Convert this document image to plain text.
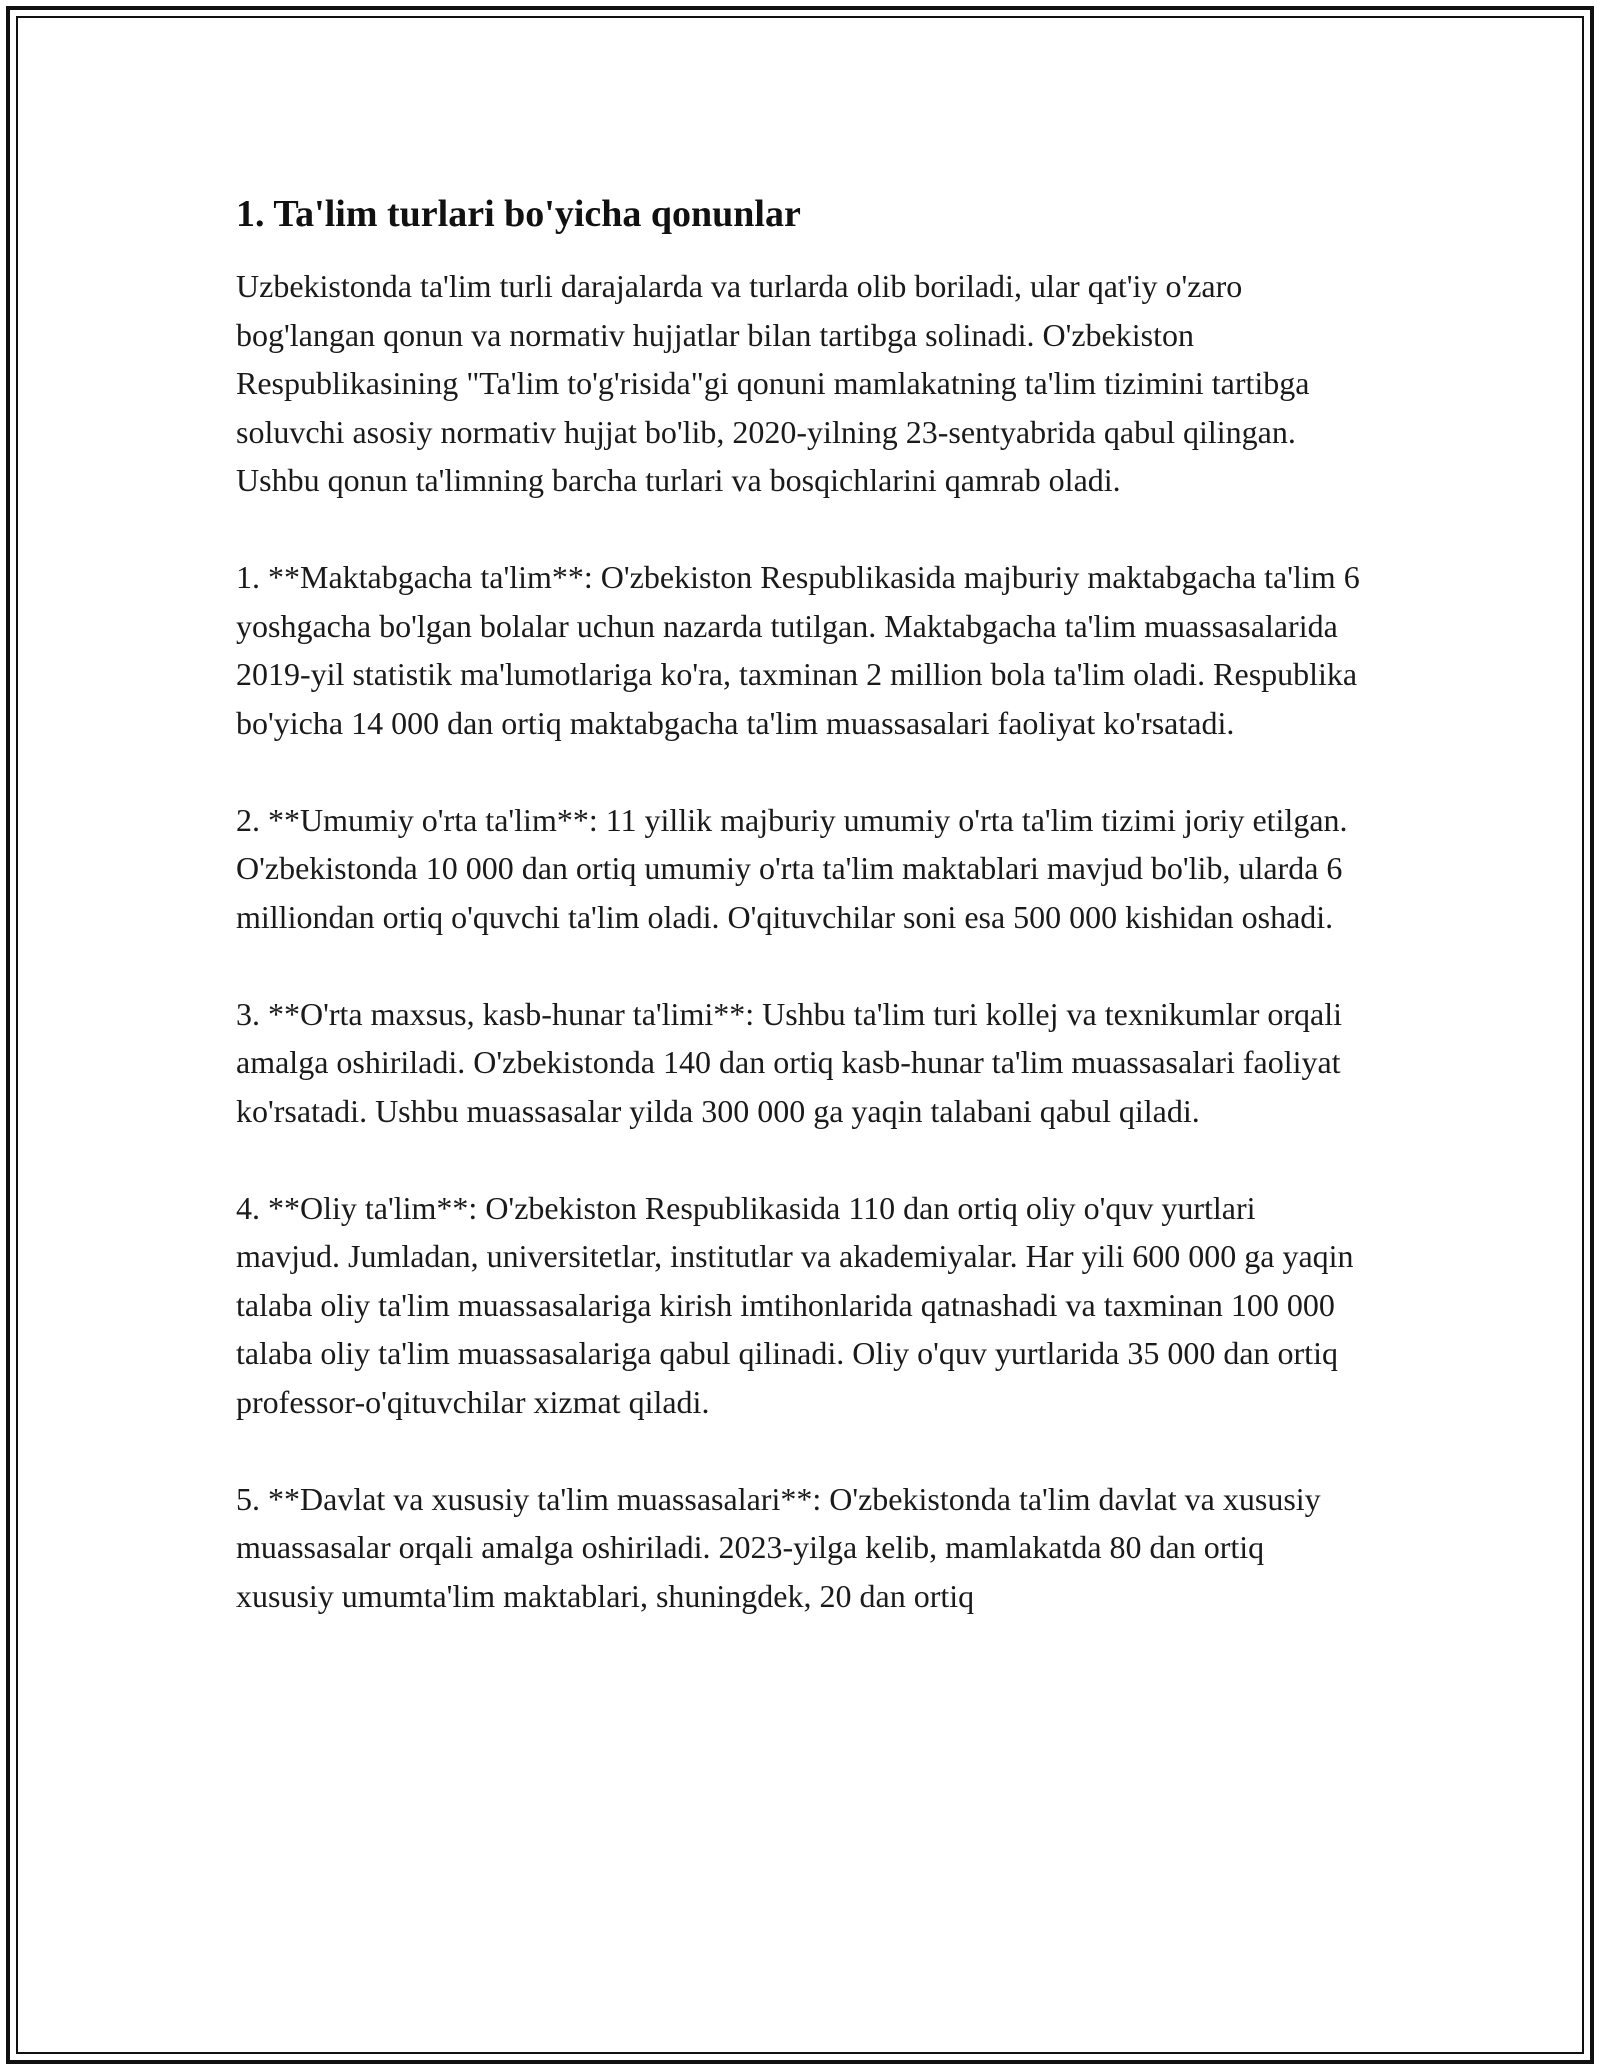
1. Ta'lim turlari bo'yicha qonunlar

Uzbekistonda ta'lim turli darajalarda va turlarda olib boriladi, ular qat'iy o'zaro bog'langan qonun va normativ hujjatlar bilan tartibga solinadi. O'zbekiston Respublikasining "Ta'lim to'g'risida"gi qonuni mamlakatning ta'lim tizimini tartibga soluvchi asosiy normativ hujjat bo'lib, 2020-yilning 23-sentyabrida qabul qilingan. Ushbu qonun ta'limning barcha turlari va bosqichlarini qamrab oladi.

1. **Maktabgacha ta'lim**: O'zbekiston Respublikasida majburiy maktabgacha ta'lim 6 yoshgacha bo'lgan bolalar uchun nazarda tutilgan. Maktabgacha ta'lim muassasalarida 2019-yil statistik ma'lumotlariga ko'ra, taxminan 2 million bola ta'lim oladi. Respublika bo'yicha 14 000 dan ortiq maktabgacha ta'lim muassasalari faoliyat ko'rsatadi.

2. **Umumiy o'rta ta'lim**: 11 yillik majburiy umumiy o'rta ta'lim tizimi joriy etilgan. O'zbekistonda 10 000 dan ortiq umumiy o'rta ta'lim maktablari mavjud bo'lib, ularda 6 milliondan ortiq o'quvchi ta'lim oladi. O'qituvchilar soni esa 500 000 kishidan oshadi.

3. **O'rta maxsus, kasb-hunar ta'limi**: Ushbu ta'lim turi kollej va texnikumlar orqali amalga oshiriladi. O'zbekistonda 140 dan ortiq kasb-hunar ta'lim muassasalari faoliyat ko'rsatadi. Ushbu muassasalar yilda 300 000 ga yaqin talabani qabul qiladi.

4. **Oliy ta'lim**: O'zbekiston Respublikasida 110 dan ortiq oliy o'quv yurtlari mavjud. Jumladan, universitetlar, institutlar va akademiyalar. Har yili 600 000 ga yaqin talaba oliy ta'lim muassasalariga kirish imtihonlarida qatnashadi va taxminan 100 000 talaba oliy ta'lim muassasalariga qabul qilinadi. Oliy o'quv yurtlarida 35 000 dan ortiq professor-o'qituvchilar xizmat qiladi.

5. **Davlat va xususiy ta'lim muassasalari**: O'zbekistonda ta'lim davlat va xususiy muassasalar orqali amalga oshiriladi. 2023-yilga kelib, mamlakatda 80 dan ortiq xususiy umumta'lim maktablari, shuningdek, 20 dan ortiq
